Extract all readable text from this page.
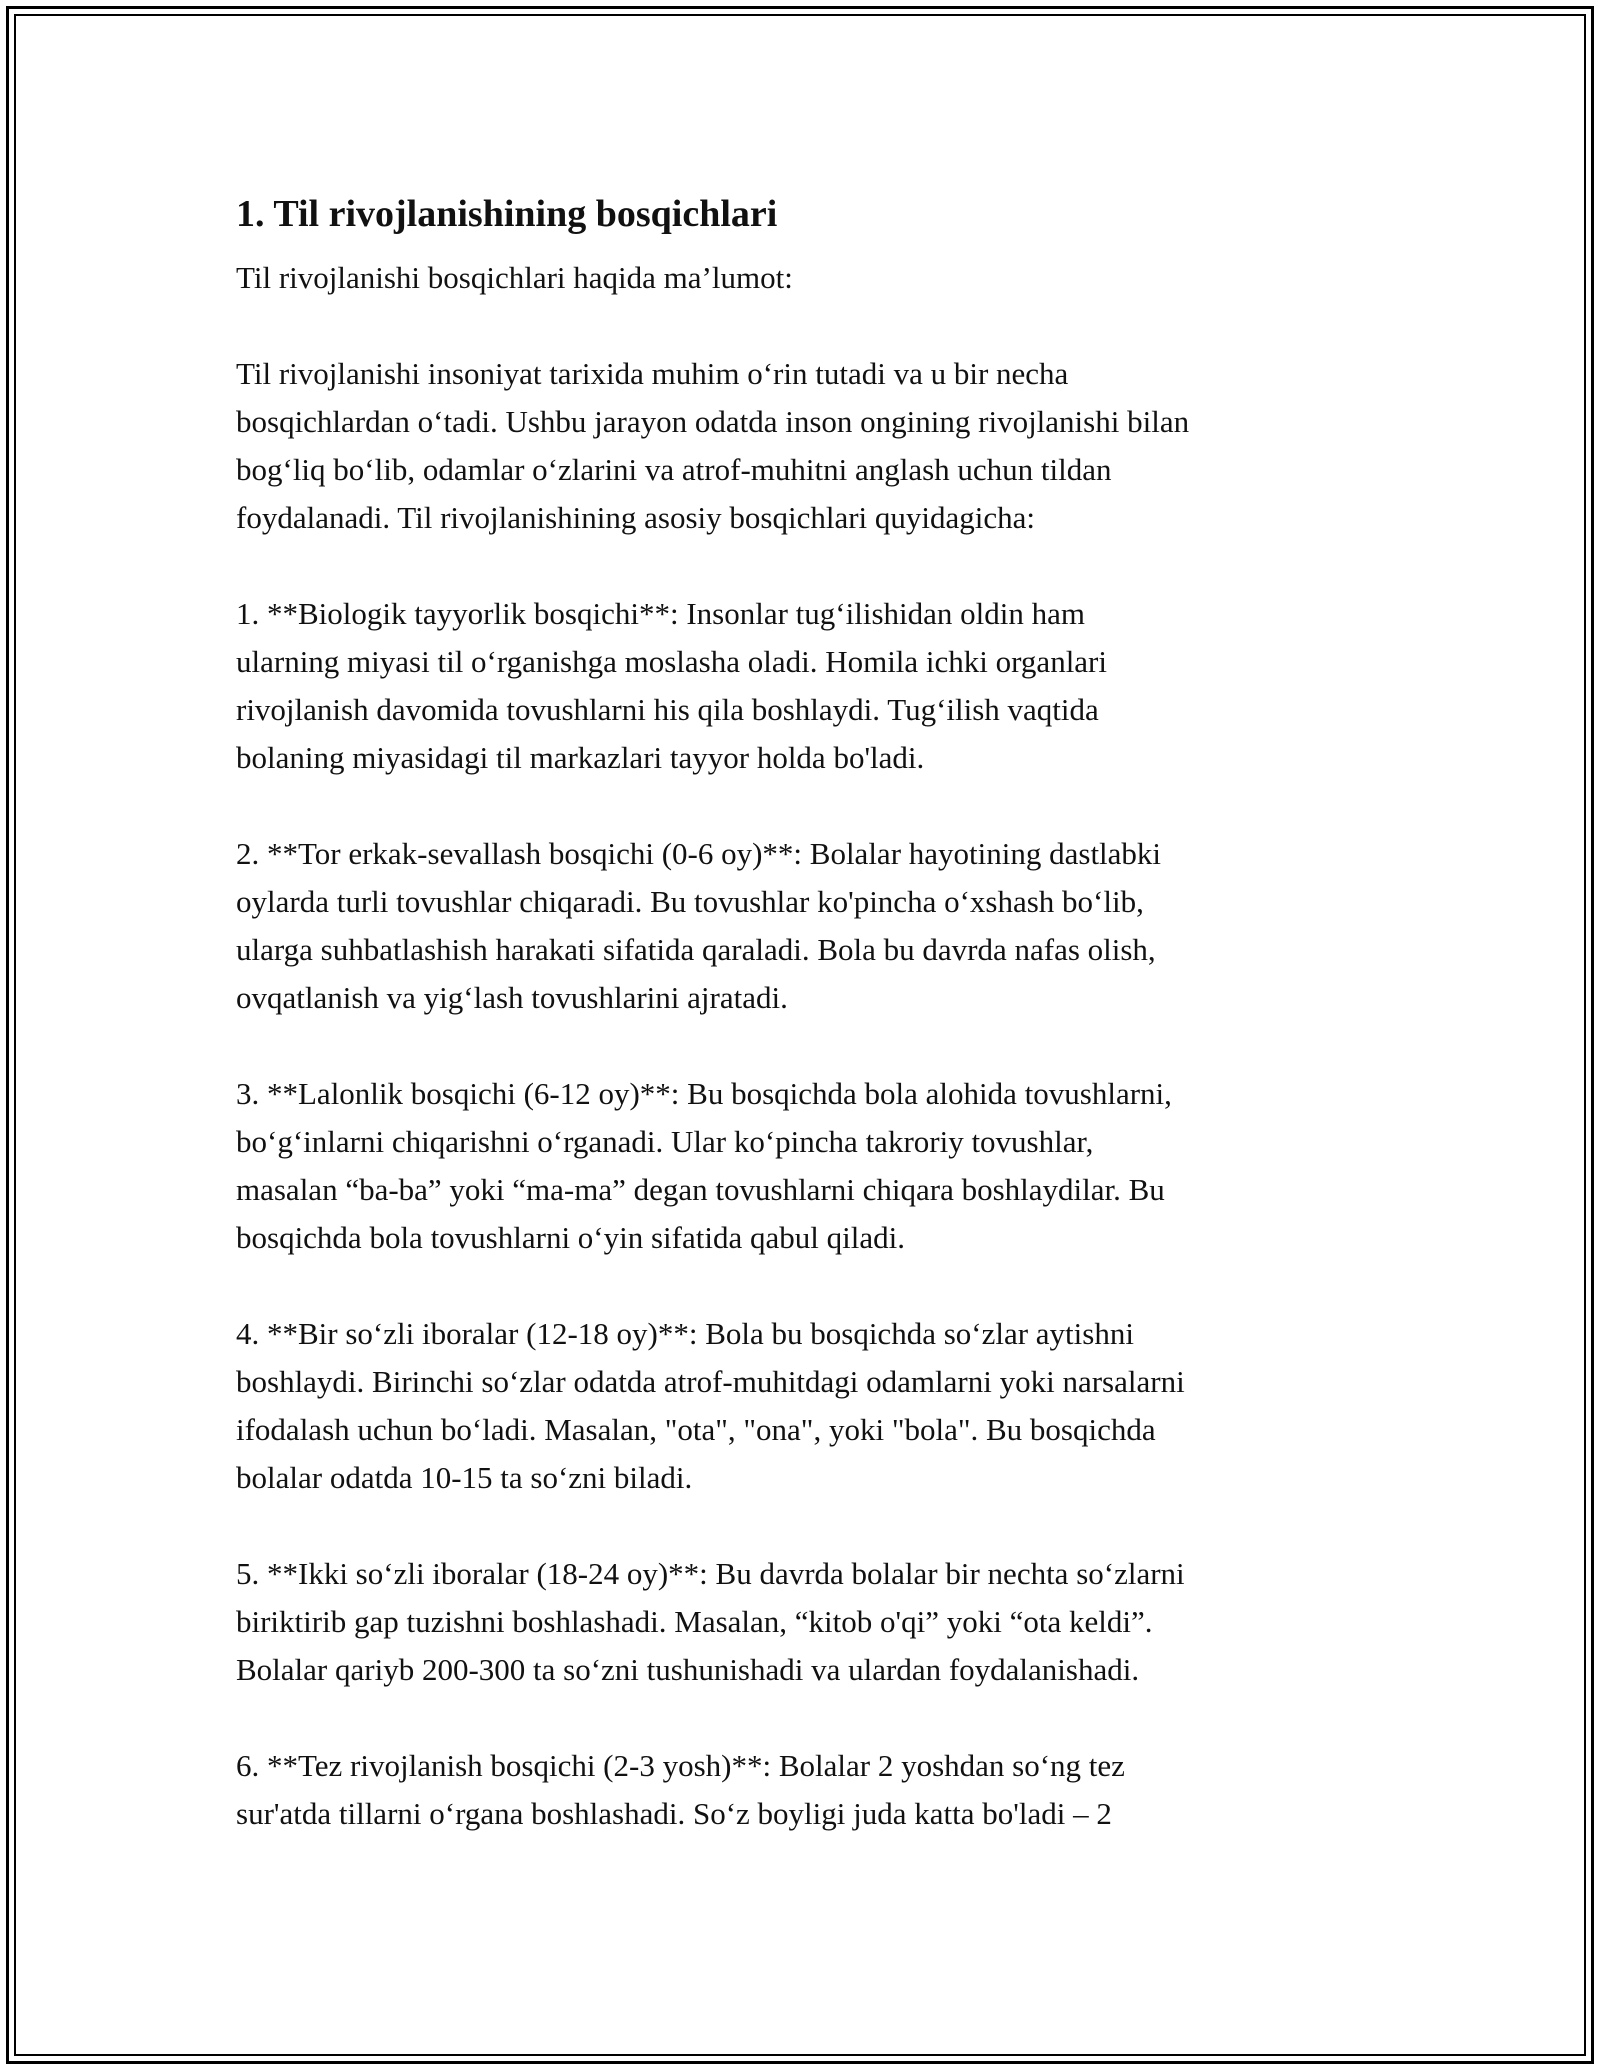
1. Til rivojlanishining bosqichlari

Til rivojlanishi bosqichlari haqida ma’lumot:

Til rivojlanishi insoniyat tarixida muhim o‘rin tutadi va u bir necha
bosqichlardan o‘tadi. Ushbu jarayon odatda inson ongining rivojlanishi bilan
bog‘liq bo‘lib, odamlar o‘zlarini va atrof-muhitni anglash uchun tildan
foydalanadi. Til rivojlanishining asosiy bosqichlari quyidagicha:

1. **Biologik tayyorlik bosqichi**: Insonlar tug‘ilishidan oldin ham
ularning miyasi til o‘rganishga moslasha oladi. Homila ichki organlari
rivojlanish davomida tovushlarni his qila boshlaydi. Tug‘ilish vaqtida
bolaning miyasidagi til markazlari tayyor holda bo'ladi.

2. **Tor erkak-sevallash bosqichi (0-6 oy)**: Bolalar hayotining dastlabki
oylarda turli tovushlar chiqaradi. Bu tovushlar ko'pincha o‘xshash bo‘lib,
ularga suhbatlashish harakati sifatida qaraladi. Bola bu davrda nafas olish,
ovqatlanish va yig‘lash tovushlarini ajratadi.

3. **Lalonlik bosqichi (6-12 oy)**: Bu bosqichda bola alohida tovushlarni,
bo‘g‘inlarni chiqarishni o‘rganadi. Ular ko‘pincha takroriy tovushlar,
masalan “ba-ba” yoki “ma-ma” degan tovushlarni chiqara boshlaydilar. Bu
bosqichda bola tovushlarni o‘yin sifatida qabul qiladi.

4. **Bir so‘zli iboralar (12-18 oy)**: Bola bu bosqichda so‘zlar aytishni
boshlaydi. Birinchi so‘zlar odatda atrof-muhitdagi odamlarni yoki narsalarni
ifodalash uchun bo‘ladi. Masalan, "ota", "ona", yoki "bola". Bu bosqichda
bolalar odatda 10-15 ta so‘zni biladi.

5. **Ikki so‘zli iboralar (18-24 oy)**: Bu davrda bolalar bir nechta so‘zlarni
biriktirib gap tuzishni boshlashadi. Masalan, “kitob o'qi” yoki “ota keldi”.
Bolalar qariyb 200-300 ta so‘zni tushunishadi va ulardan foydalanishadi.

6. **Tez rivojlanish bosqichi (2-3 yosh)**: Bolalar 2 yoshdan so‘ng tez
sur'atda tillarni o‘rgana boshlashadi. So‘z boyligi juda katta bo'ladi – 2
